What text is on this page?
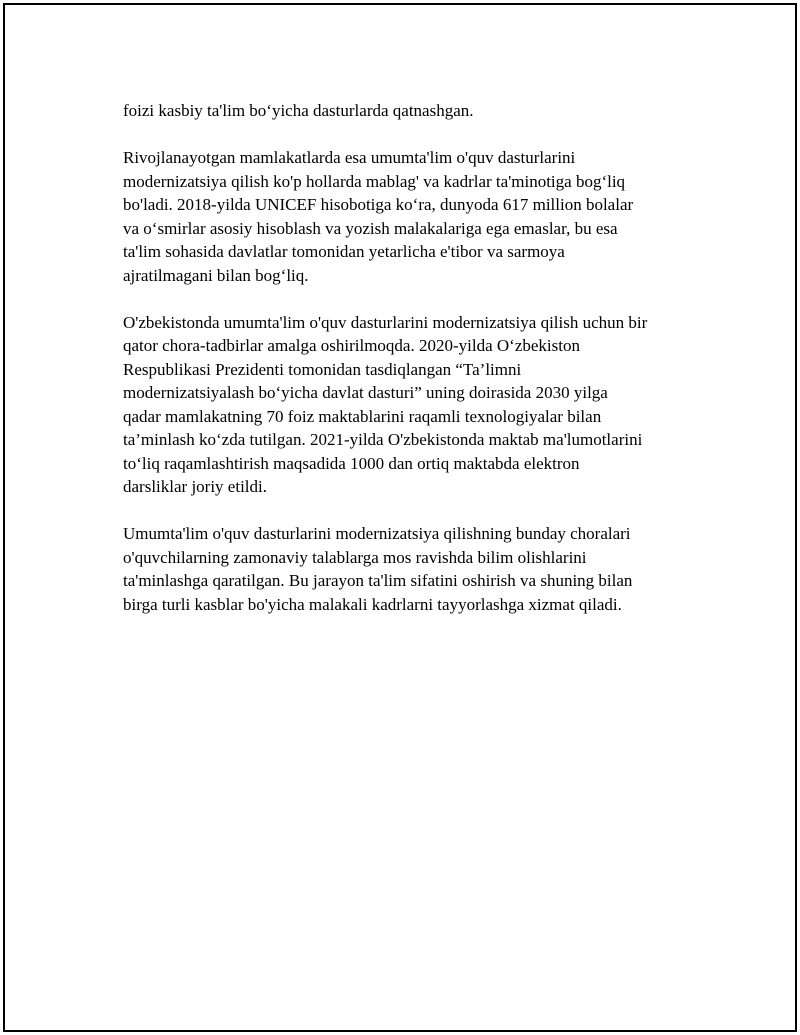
foizi kasbiy ta'lim bo‘yicha dasturlarda qatnashgan.

Rivojlanayotgan mamlakatlarda esa umumta'lim o'quv dasturlarini
modernizatsiya qilish ko'p hollarda mablag' va kadrlar ta'minotiga bog‘liq
bo'ladi. 2018-yilda UNICEF hisobotiga ko‘ra, dunyoda 617 million bolalar
va o‘smirlar asosiy hisoblash va yozish malakalariga ega emaslar, bu esa
ta'lim sohasida davlatlar tomonidan yetarlicha e'tibor va sarmoya
ajratilmagani bilan bog‘liq.

O'zbekistonda umumta'lim o'quv dasturlarini modernizatsiya qilish uchun bir
qator chora-tadbirlar amalga oshirilmoqda. 2020-yilda O‘zbekiston
Respublikasi Prezidenti tomonidan tasdiqlangan “Ta’limni
modernizatsiyalash bo‘yicha davlat dasturi” uning doirasida 2030 yilga
qadar mamlakatning 70 foiz maktablarini raqamli texnologiyalar bilan
ta’minlash ko‘zda tutilgan. 2021-yilda O'zbekistonda maktab ma'lumotlarini
to‘liq raqamlashtirish maqsadida 1000 dan ortiq maktabda elektron
darsliklar joriy etildi.

Umumta'lim o'quv dasturlarini modernizatsiya qilishning bunday choralari
o'quvchilarning zamonaviy talablarga mos ravishda bilim olishlarini
ta'minlashga qaratilgan. Bu jarayon ta'lim sifatini oshirish va shuning bilan
birga turli kasblar bo'yicha malakali kadrlarni tayyorlashga xizmat qiladi.
